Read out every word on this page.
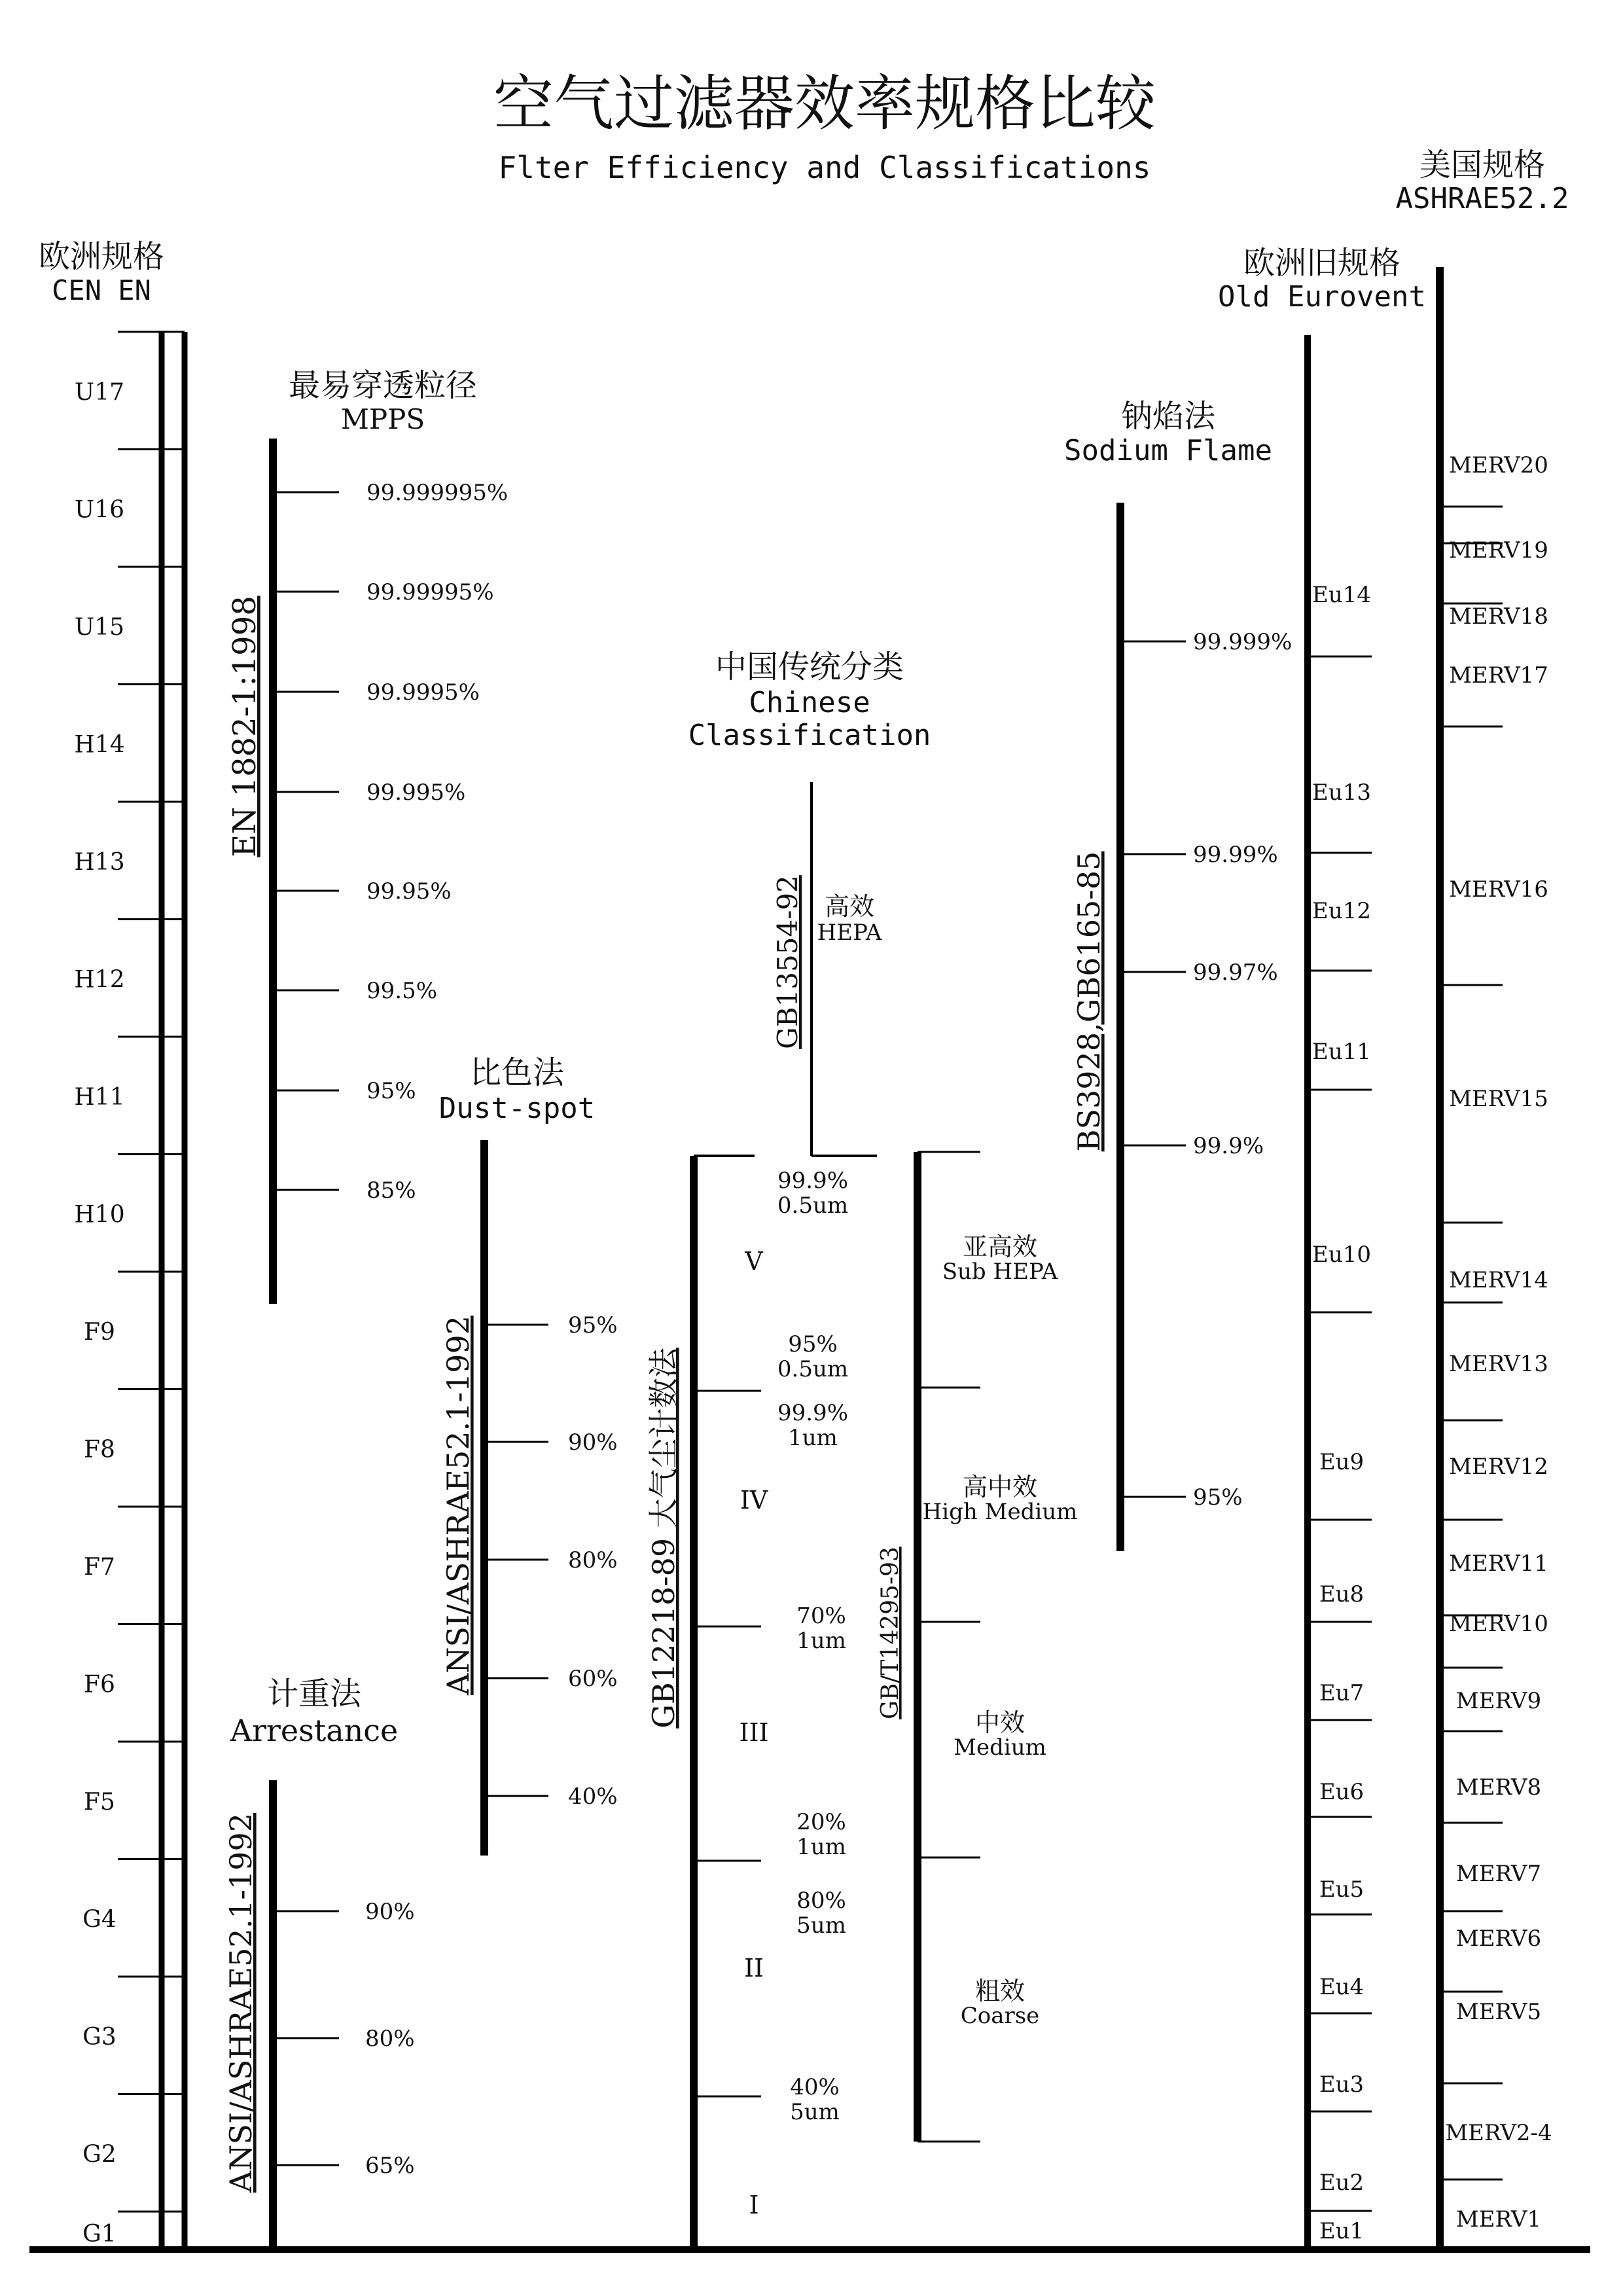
空气过滤器效率规格比较
Flter Efficiency and Classifications
欧洲规格
CEN EN
U17
U16
U15
H14
H13
H12
H11
H10
F9
F8
F7
F6
F5
G4
G3
G2
G1
最易穿透粒径
MPPS
EN 1882-1:1998
99.999995%
99.99995%
99.9995%
99.995%
99.95%
99.5%
95%
85%
计重法
Arrestance
ANSI/ASHRAE52.1-1992	90%
80%
65%
比色法
Dust-spot
ANSI/ASHRAE52.1-1992	95%
90%
80%
60%
40%
中国传统分类
Chinese
Classification
GB13554-92 高效
HEPA
GB12218-89 大气尘计数法
V
IV
III
II
I
99.9%
0.5um
95%
0.5um
99.9%
1um
70%
1um
20%
1um
80%
5um
40%
5um
GB/T14295-93
亚高效
Sub HEPA
高中效
High Medium
中效
Medium
粗效
Coarse
钠焰法
Sodium Flame
BS3928,GB6165-85
99.999%
99.99%
99.97%
99.9%
95%
欧洲旧规格
Old Eurovent
Eu14
Eu13
Eu12
Eu11
Eu10
Eu9
Eu8
Eu7
Eu6
Eu5
Eu4
Eu3
Eu2
Eu1
美国规格
ASHRAE52.2
MERV20
MERV19
MERV18
MERV17
MERV16
MERV15
MERV14
MERV13
MERV12
MERV11
MERV10
MERV9
MERV8
MERV7
MERV6
MERV5
MERV2-4
MERV1
